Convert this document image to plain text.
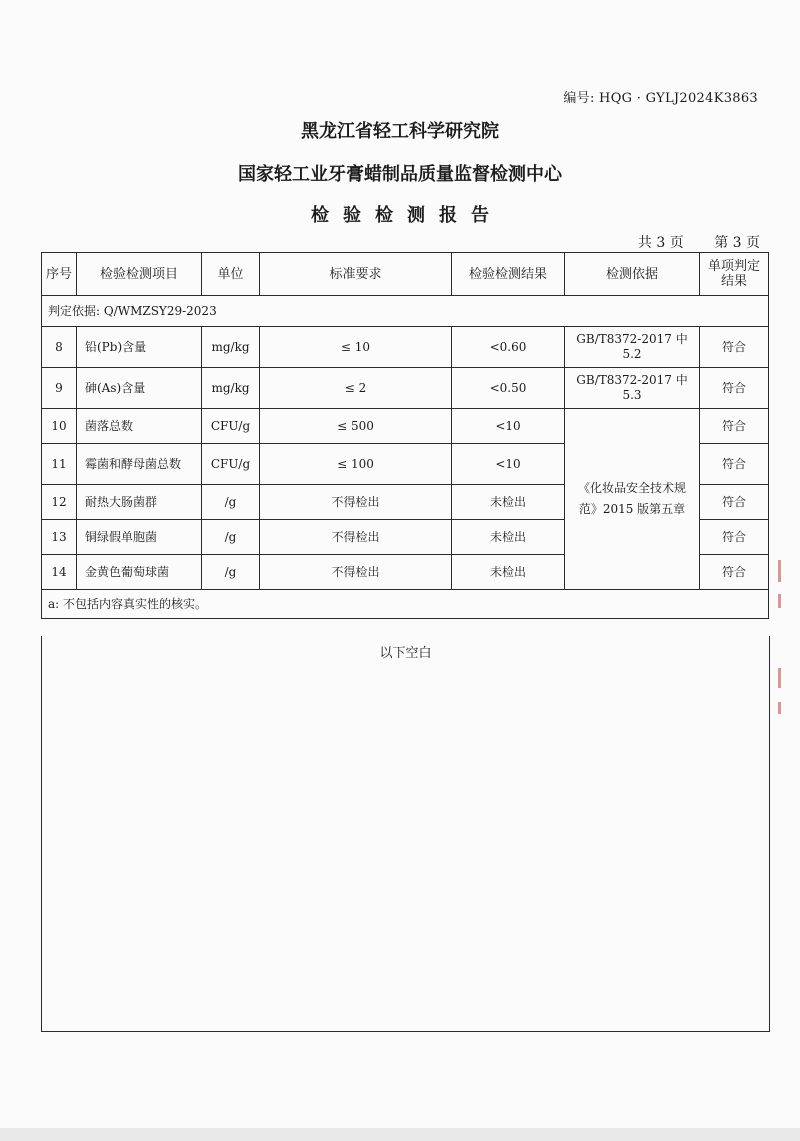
编号: HQG · GYLJ2024K3863
黑龙江省轻工科学研究院
国家轻工业牙膏蜡制品质量监督检测中心
检验检测报告
共 3 页 第 3 页
序号	检验检测项目	单位	标准要求	检验检测结果	检测依据	单项判定结果
判定依据: Q/WMZSY29-2023						
8	铅(Pb)含量	mg/kg	≤ 10	<0.60	GB/T8372-2017 中 5.2	符合
9	砷(As)含量	mg/kg	≤ 2	<0.50	GB/T8372-2017 中 5.3	符合
10	菌落总数	CFU/g	≤ 500	<10	《化妆品安全技术规范》2015 版第五章	符合
11	霉菌和酵母菌总数	CFU/g	≤ 100	<10		符合
12	耐热大肠菌群	/g	不得检出	未检出		符合
13	铜绿假单胞菌	/g	不得检出	未检出		符合
14	金黄色葡萄球菌	/g	不得检出	未检出		符合
a: 不包括内容真实性的核实。						
以下空白
